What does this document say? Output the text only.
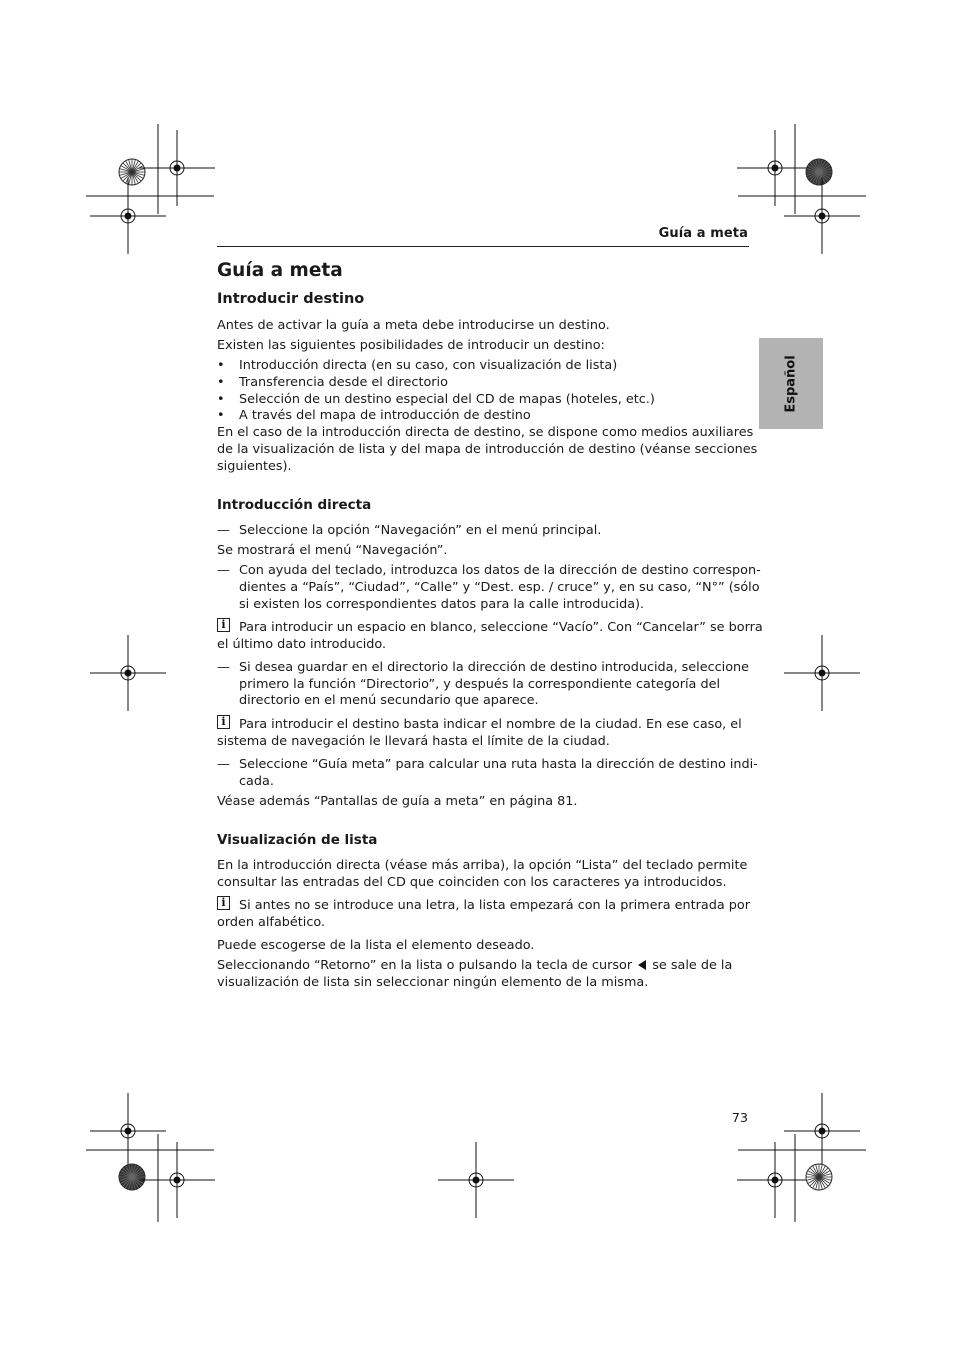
Guía a meta
Español
Guía a meta
Introducir destino
Antes de activar la guía a meta debe introducirse un destino.
Existen las siguientes posibilidades de introducir un destino:
• Introducción directa (en su caso, con visualización de lista)
• Transferencia desde el directorio
• Selección de un destino especial del CD de mapas (hoteles, etc.)
• A través del mapa de introducción de destino
En el caso de la introducción directa de destino, se dispone como medios auxiliares
de la visualización de lista y del mapa de introducción de destino (véanse secciones
siguientes).
Introducción directa
— Seleccione la opción “Navegación” en el menú principal.
Se mostrará el menú “Navegación”.
— Con ayuda del teclado, introduzca los datos de la dirección de destino correspon-
dientes a “País”, “Ciudad”, “Calle” y “Dest. esp. / cruce” y, en su caso, “N°” (sólo
si existen los correspondientes datos para la calle introducida).
i	Para introducir un espacio en blanco, seleccione “Vacío”. Con “Cancelar” se borra
el último dato introducido.
— Si desea guardar en el directorio la dirección de destino introducida, seleccione
primero la función “Directorio”, y después la correspondiente categoría del
directorio en el menú secundario que aparece.
i	Para introducir el destino basta indicar el nombre de la ciudad. En ese caso, el
sistema de navegación le llevará hasta el límite de la ciudad.
— Seleccione “Guía meta” para calcular una ruta hasta la dirección de destino indi-
cada.
Véase además “Pantallas de guía a meta” en página 81.
Visualización de lista
En la introducción directa (véase más arriba), la opción “Lista” del teclado permite
consultar las entradas del CD que coinciden con los caracteres ya introducidos.
i	Si antes no se introduce una letra, la lista empezará con la primera entrada por
orden alfabético.
Puede escogerse de la lista el elemento deseado.
Seleccionando “Retorno” en la lista o pulsando la tecla de cursor se sale de la
visualización de lista sin seleccionar ningún elemento de la misma.
73
